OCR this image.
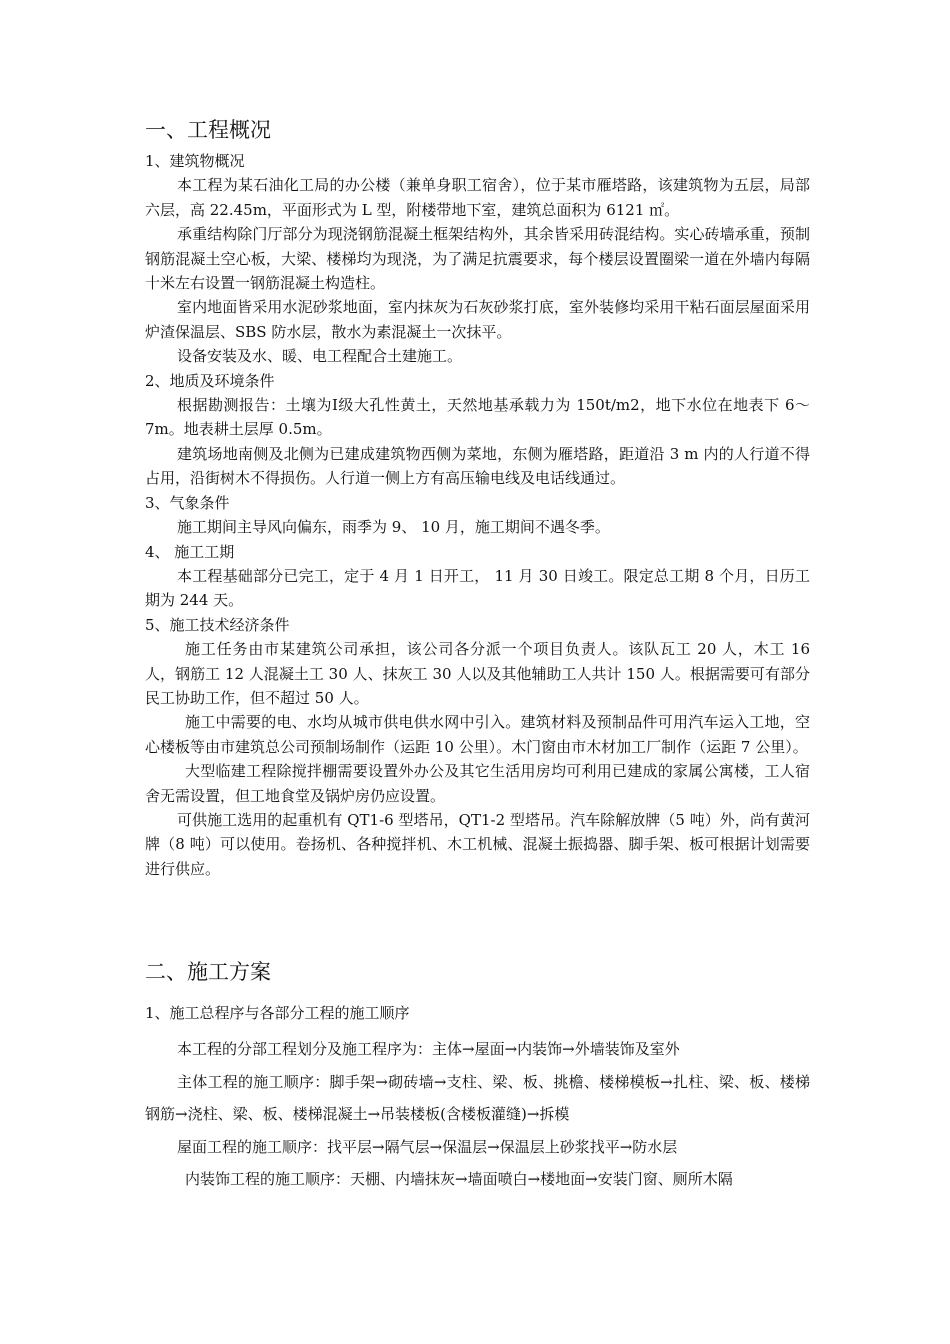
一、工程概况

1、建筑物概况

本工程为某石油化工局的办公楼（兼单身职工宿舍），位于某市雁塔路，该建筑物为五层，局部六层，高 22.45m，平面形式为 L 型，附楼带地下室，建筑总面积为 6121 ㎡。

承重结构除门厅部分为现浇钢筋混凝土框架结构外，其余皆采用砖混结构。实心砖墙承重，预制钢筋混凝土空心板，大梁、楼梯均为现浇，为了满足抗震要求，每个楼层设置圈梁一道在外墙内每隔十米左右设置一钢筋混凝土构造柱。

室内地面皆采用水泥砂浆地面，室内抹灰为石灰砂浆打底，室外装修均采用干粘石面层屋面采用炉渣保温层、SBS 防水层，散水为素混凝土一次抹平。

设备安装及水、暖、电工程配合土建施工。

2、地质及环境条件

根据勘测报告：土壤为Ⅰ级大孔性黄土，天然地基承载力为 150t/m2，地下水位在地表下 6～7m。地表耕土层厚 0.5m。

建筑场地南侧及北侧为已建成建筑物西侧为菜地，东侧为雁塔路，距道沿 3 m 内的人行道不得占用，沿街树木不得损伤。人行道一侧上方有高压输电线及电话线通过。

3、气象条件

施工期间主导风向偏东，雨季为 9、 10 月，施工期间不遇冬季。

4、 施工工期

本工程基础部分已完工，定于 4 月 1 日开工， 11 月 30 日竣工。限定总工期 8 个月，日历工期为 244 天。

5、施工技术经济条件

施工任务由市某建筑公司承担，该公司各分派一个项目负责人。该队瓦工 20 人，木工 16 人，钢筋工 12 人混凝土工 30 人、抹灰工 30 人以及其他辅助工人共计 150 人。根据需要可有部分民工协助工作，但不超过 50 人。

施工中需要的电、水均从城市供电供水网中引入。建筑材料及预制品件可用汽车运入工地，空心楼板等由市建筑总公司预制场制作（运距 10 公里）。木门窗由市木材加工厂制作（运距 7 公里）。

大型临建工程除搅拌棚需要设置外办公及其它生活用房均可利用已建成的家属公寓楼，工人宿舍无需设置，但工地食堂及锅炉房仍应设置。

可供施工选用的起重机有 QT1-6 型塔吊，QT1-2 型塔吊。汽车除解放牌（5 吨）外，尚有黄河牌（8 吨）可以使用。卷扬机、各种搅拌机、木工机械、混凝土振捣器、脚手架、板可根据计划需要进行供应。

二、施工方案

1、施工总程序与各部分工程的施工顺序

本工程的分部工程划分及施工程序为：主体→屋面→内装饰→外墙装饰及室外

主体工程的施工顺序：脚手架→砌砖墙→支柱、梁、板、挑檐、楼梯模板→扎柱、梁、板、楼梯钢筋→浇柱、梁、板、楼梯混凝土→吊装楼板(含楼板灌缝)→拆模

屋面工程的施工顺序：找平层→隔气层→保温层→保温层上砂浆找平→防水层

内装饰工程的施工顺序：天棚、内墙抹灰→墙面喷白→楼地面→安装门窗、厕所木隔
